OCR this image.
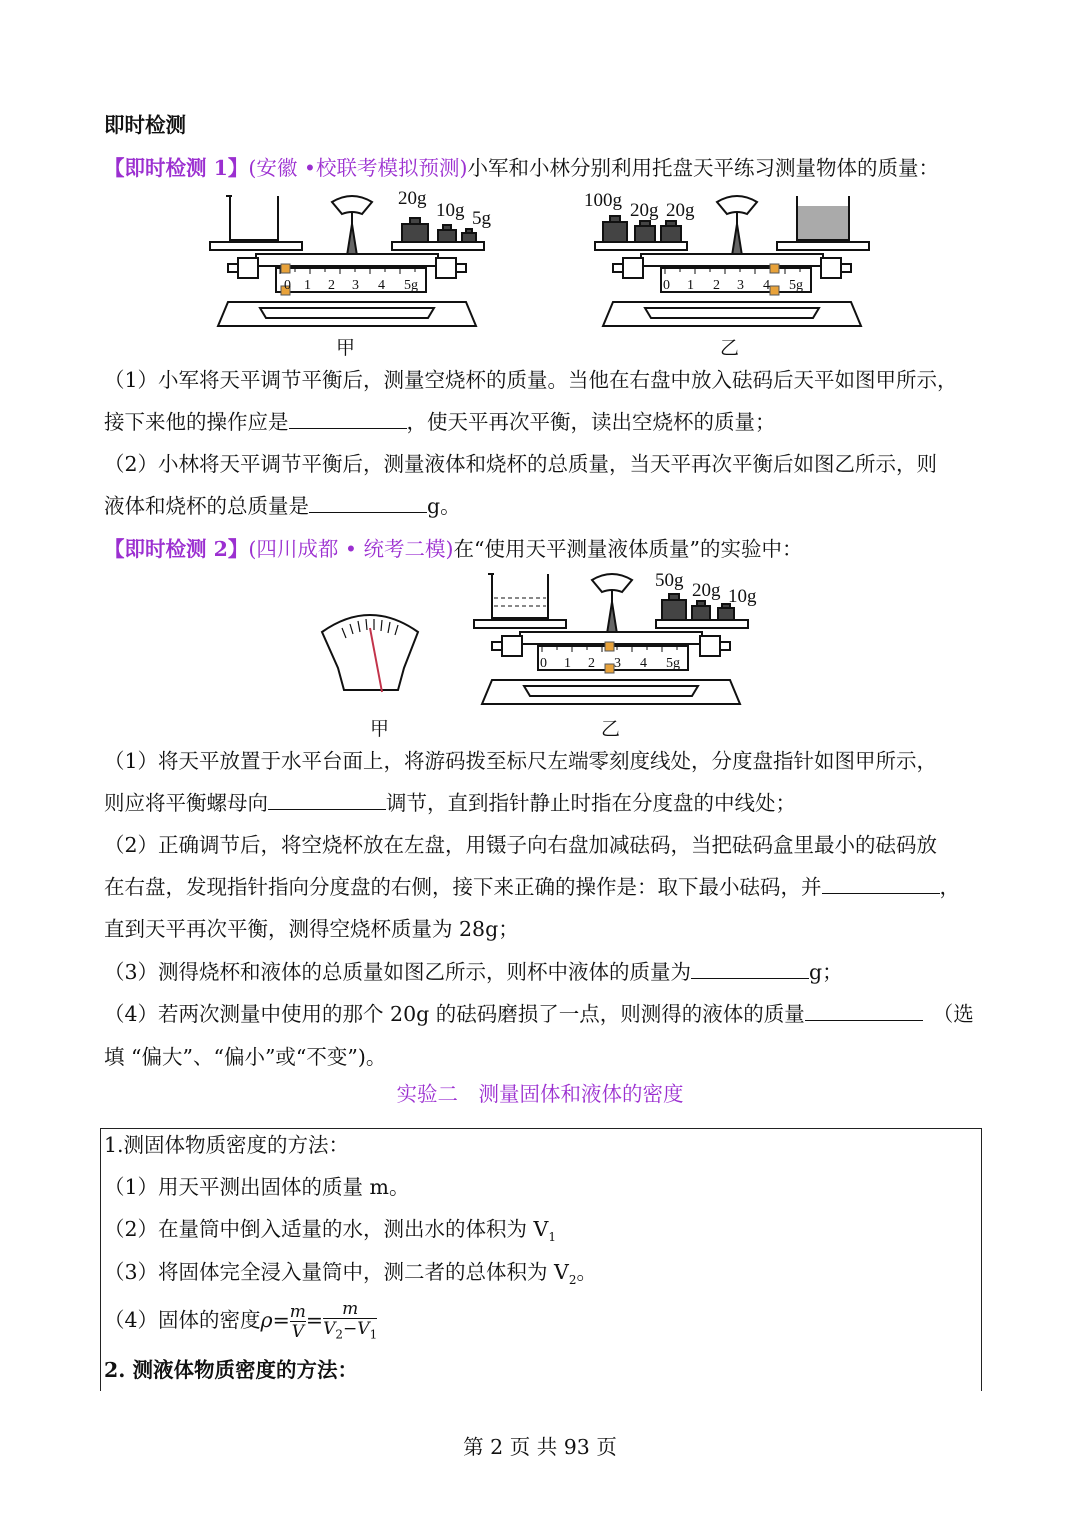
即时检测
【即时检测 1】(安徽 •校联考模拟预测)小军和小林分别利用托盘天平练习测量物体的质量：
0 1 2 3 4 5g
20g
10g 5g
0 1 2 3 4 5g
100g 20g 20g
甲	乙
（1）小军将天平调节平衡后，测量空烧杯的质量。当他在右盘中放入砝码后天平如图甲所示，
接下来他的操作应是	，使天平再次平衡，读出空烧杯的质量；
（2）小林将天平调节平衡后，测量液体和烧杯的总质量，当天平再次平衡后如图乙所示，则
液体和烧杯的总质量是	g。
【即时检测 2】(四川成都 • 统考二模)在“使用天平测量液体质量”的实验中：
0 1 2 3 4 5g
50g 20g 10g
甲	乙
（1）将天平放置于水平台面上，将游码拨至标尺左端零刻度线处，分度盘指针如图甲所示，
则应将平衡螺母向	调节，直到指针静止时指在分度盘的中线处；
（2）正确调节后，将空烧杯放在左盘，用镊子向右盘加减砝码，当把砝码盒里最小的砝码放
在右盘，发现指针指向分度盘的右侧，接下来正确的操作是：取下最小砝码，并	，
直到天平再次平衡，测得空烧杯质量为 28g；
（3）测得烧杯和液体的总质量如图乙所示，则杯中液体的质量为	g；
（4）若两次测量中使用的那个 20g 的砝码磨损了一点，则测得的液体的质量	（选
填 “偏大”、“偏小”或“不变”)。
实验二　测量固体和液体的密度
1.测固体物质密度的方法：
（1）用天平测出固体的质量 m。
（2）在量筒中倒入适量的水，测出水的体积为 $V_1$
（3）将固体完全浸入量筒中，测二者的总体积为 $V_2$。
（4）固体的密度$\rho= \frac{m}{V} = \frac{m}{V_2-V_1}$
2. 测液体物质密度的方法：
第 2 页 共 93 页
